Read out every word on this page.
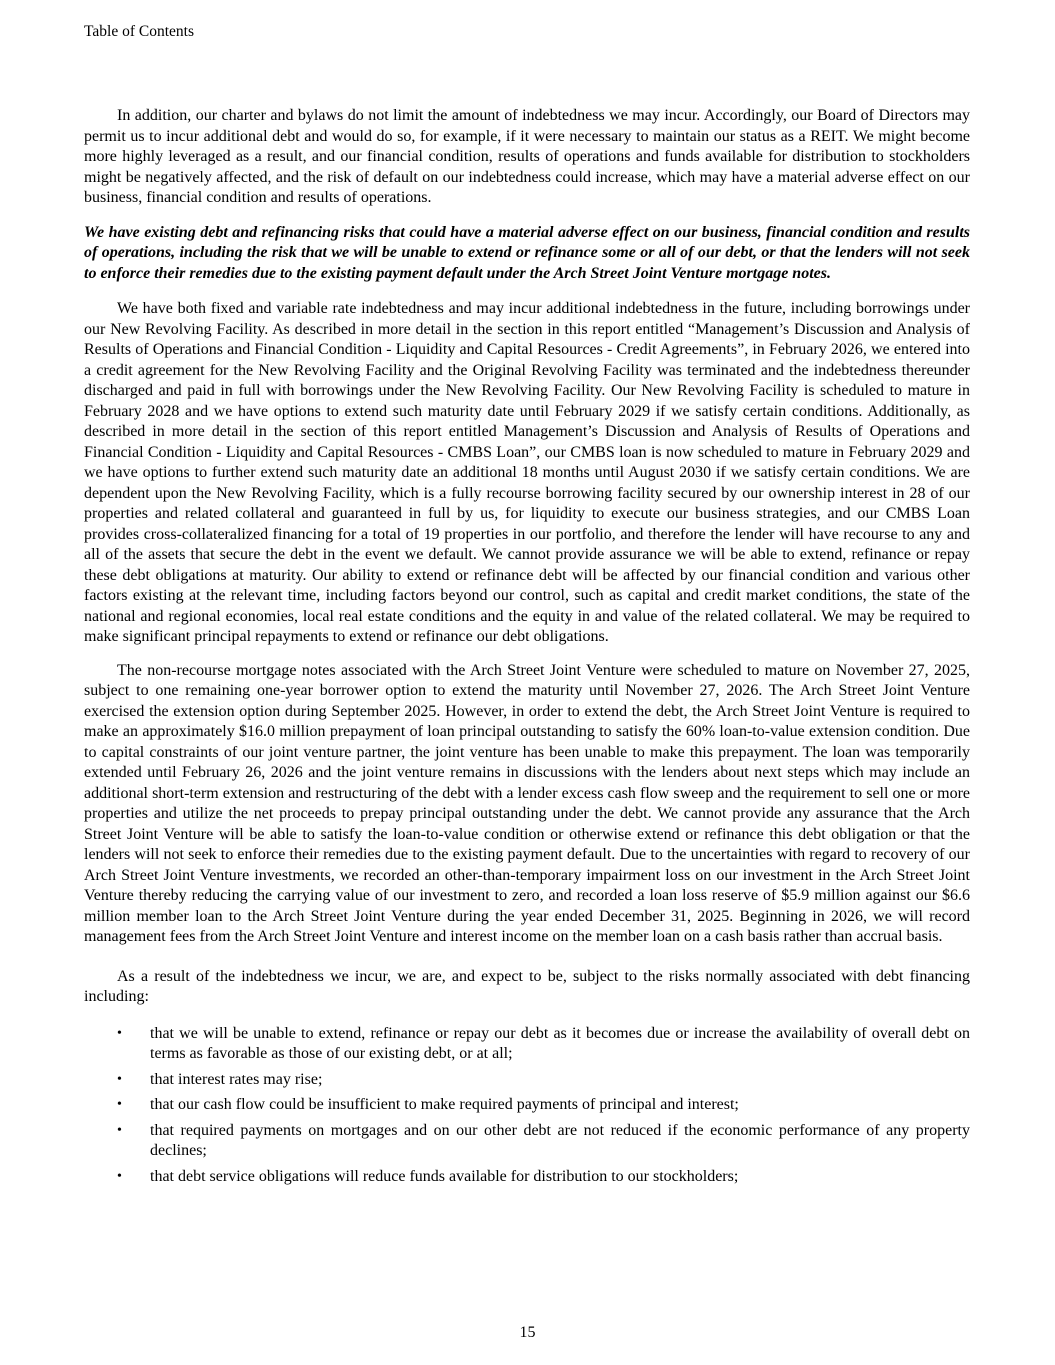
Table of Contents

In addition, our charter and bylaws do not limit the amount of indebtedness we may incur. Accordingly, our Board of Directors may permit us to incur additional debt and would do so, for example, if it were necessary to maintain our status as a REIT. We might become more highly leveraged as a result, and our financial condition, results of operations and funds available for distribution to stockholders might be negatively affected, and the risk of default on our indebtedness could increase, which may have a material adverse effect on our business, financial condition and results of operations.

We have existing debt and refinancing risks that could have a material adverse effect on our business, financial condition and results of operations, including the risk that we will be unable to extend or refinance some or all of our debt, or that the lenders will not seek to enforce their remedies due to the existing payment default under the Arch Street Joint Venture mortgage notes.

We have both fixed and variable rate indebtedness and may incur additional indebtedness in the future, including borrowings under our New Revolving Facility. As described in more detail in the section in this report entitled “Management’s Discussion and Analysis of Results of Operations and Financial Condition - Liquidity and Capital Resources - Credit Agreements”, in February 2026, we entered into a credit agreement for the New Revolving Facility and the Original Revolving Facility was terminated and the indebtedness thereunder discharged and paid in full with borrowings under the New Revolving Facility. Our New Revolving Facility is scheduled to mature in February 2028 and we have options to extend such maturity date until February 2029 if we satisfy certain conditions. Additionally, as described in more detail in the section of this report entitled Management’s Discussion and Analysis of Results of Operations and Financial Condition - Liquidity and Capital Resources - CMBS Loan”, our CMBS loan is now scheduled to mature in February 2029 and we have options to further extend such maturity date an additional 18 months until August 2030 if we satisfy certain conditions. We are dependent upon the New Revolving Facility, which is a fully recourse borrowing facility secured by our ownership interest in 28 of our properties and related collateral and guaranteed in full by us, for liquidity to execute our business strategies, and our CMBS Loan provides cross-collateralized financing for a total of 19 properties in our portfolio, and therefore the lender will have recourse to any and all of the assets that secure the debt in the event we default. We cannot provide assurance we will be able to extend, refinance or repay these debt obligations at maturity. Our ability to extend or refinance debt will be affected by our financial condition and various other factors existing at the relevant time, including factors beyond our control, such as capital and credit market conditions, the state of the national and regional economies, local real estate conditions and the equity in and value of the related collateral. We may be required to make significant principal repayments to extend or refinance our debt obligations.

The non-recourse mortgage notes associated with the Arch Street Joint Venture were scheduled to mature on November 27, 2025, subject to one remaining one-year borrower option to extend the maturity until November 27, 2026. The Arch Street Joint Venture exercised the extension option during September 2025. However, in order to extend the debt, the Arch Street Joint Venture is required to make an approximately $16.0 million prepayment of loan principal outstanding to satisfy the 60% loan-to-value extension condition. Due to capital constraints of our joint venture partner, the joint venture has been unable to make this prepayment. The loan was temporarily extended until February 26, 2026 and the joint venture remains in discussions with the lenders about next steps which may include an additional short-term extension and restructuring of the debt with a lender excess cash flow sweep and the requirement to sell one or more properties and utilize the net proceeds to prepay principal outstanding under the debt. We cannot provide any assurance that the Arch Street Joint Venture will be able to satisfy the loan-to-value condition or otherwise extend or refinance this debt obligation or that the lenders will not seek to enforce their remedies due to the existing payment default. Due to the uncertainties with regard to recovery of our Arch Street Joint Venture investments, we recorded an other-than-temporary impairment loss on our investment in the Arch Street Joint Venture thereby reducing the carrying value of our investment to zero, and recorded a loan loss reserve of $5.9 million against our $6.6 million member loan to the Arch Street Joint Venture during the year ended December 31, 2025. Beginning in 2026, we will record management fees from the Arch Street Joint Venture and interest income on the member loan on a cash basis rather than accrual basis.

As a result of the indebtedness we incur, we are, and expect to be, subject to the risks normally associated with debt financing including:

•	that we will be unable to extend, refinance or repay our debt as it becomes due or increase the availability of overall debt on terms as favorable as those of our existing debt, or at all;
•	that interest rates may rise;
•	that our cash flow could be insufficient to make required payments of principal and interest;
•	that required payments on mortgages and on our other debt are not reduced if the economic performance of any property declines;
•	that debt service obligations will reduce funds available for distribution to our stockholders;
15
